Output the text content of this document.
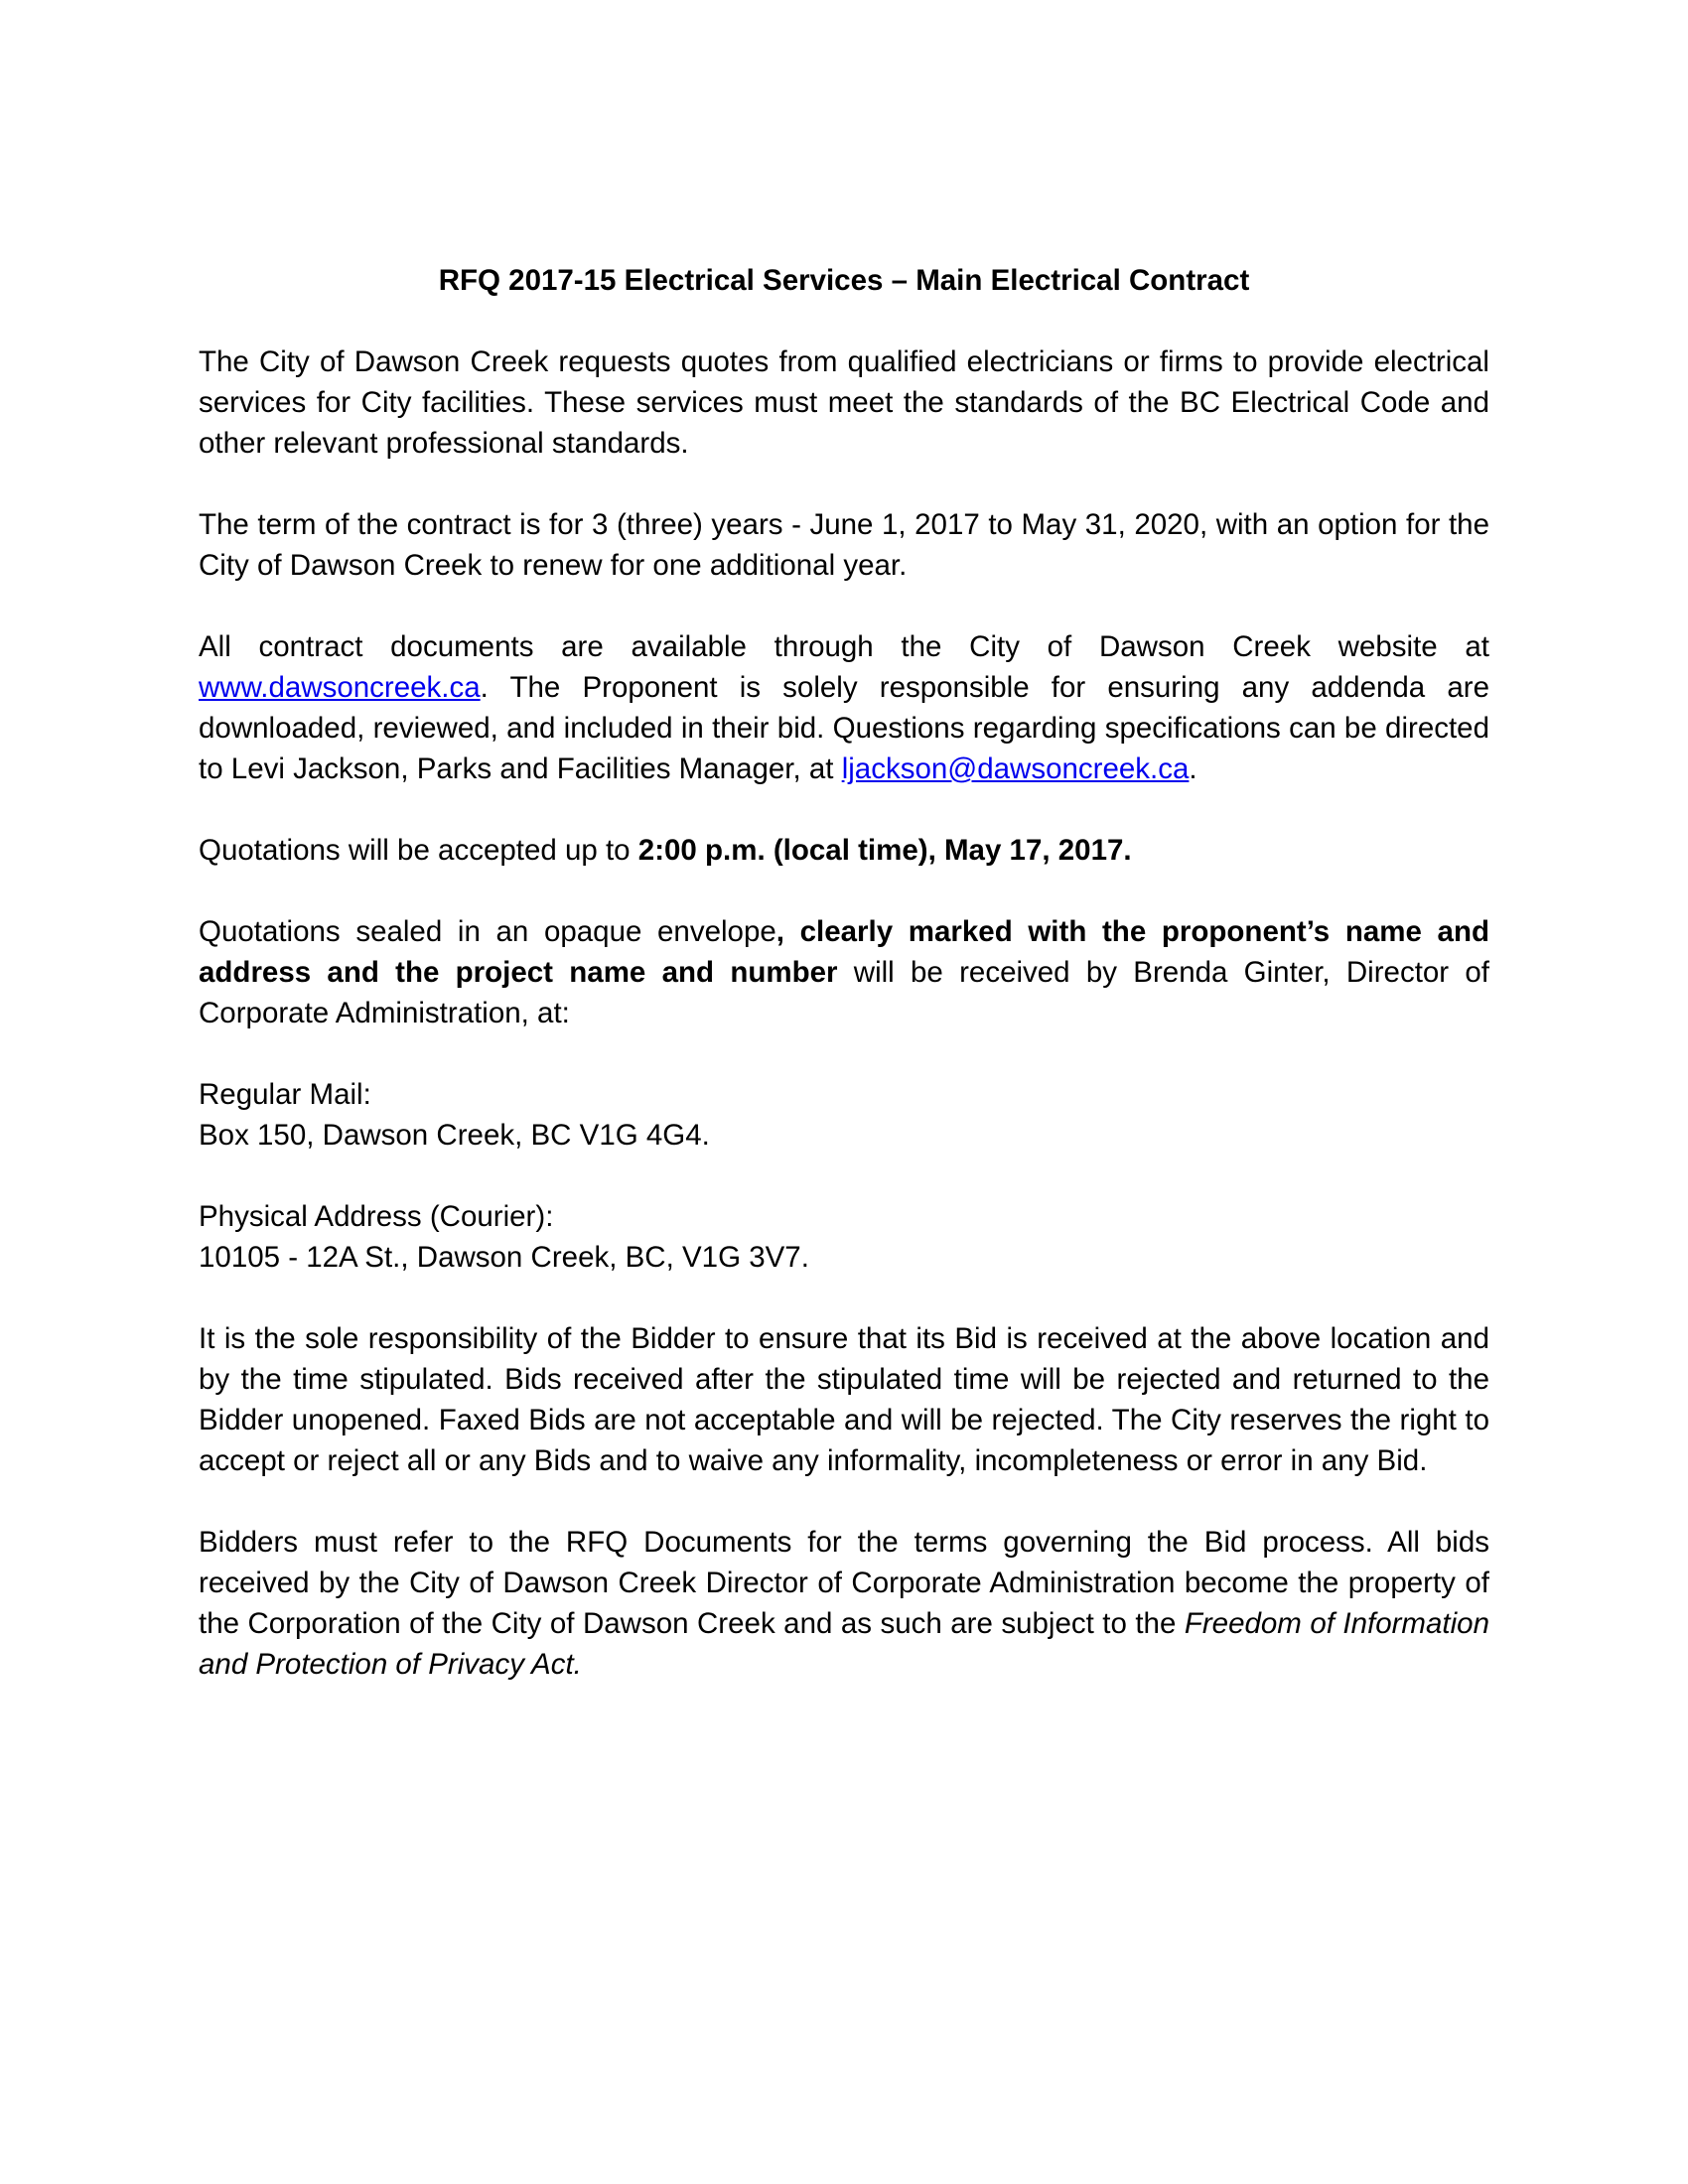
RFQ 2017-15 Electrical Services – Main Electrical Contract

The City of Dawson Creek requests quotes from qualified electricians or firms to provide electrical services for City facilities. These services must meet the standards of the BC Electrical Code and other relevant professional standards.

The term of the contract is for 3 (three) years - June 1, 2017 to May 31, 2020, with an option for the City of Dawson Creek to renew for one additional year.

All contract documents are available through the City of Dawson Creek website at www.dawsoncreek.ca. The Proponent is solely responsible for ensuring any addenda are downloaded, reviewed, and included in their bid. Questions regarding specifications can be directed to Levi Jackson, Parks and Facilities Manager, at ljackson@dawsoncreek.ca.

Quotations will be accepted up to 2:00 p.m. (local time), May 17, 2017.

Quotations sealed in an opaque envelope, clearly marked with the proponent’s name and address and the project name and number will be received by Brenda Ginter, Director of Corporate Administration, at:

Regular Mail:
Box 150, Dawson Creek, BC V1G 4G4.

Physical Address (Courier):
10105 - 12A St., Dawson Creek, BC, V1G 3V7.

It is the sole responsibility of the Bidder to ensure that its Bid is received at the above location and by the time stipulated. Bids received after the stipulated time will be rejected and returned to the Bidder unopened. Faxed Bids are not acceptable and will be rejected. The City reserves the right to accept or reject all or any Bids and to waive any informality, incompleteness or error in any Bid.

Bidders must refer to the RFQ Documents for the terms governing the Bid process. All bids received by the City of Dawson Creek Director of Corporate Administration become the property of the Corporation of the City of Dawson Creek and as such are subject to the Freedom of Information and Protection of Privacy Act.
